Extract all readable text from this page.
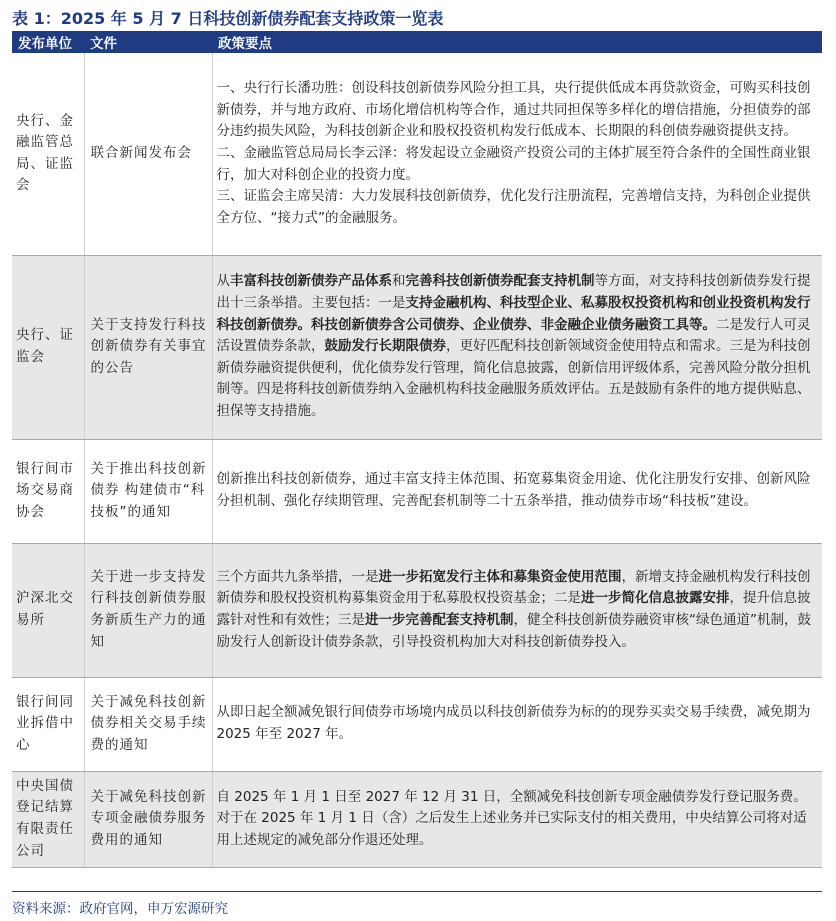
表 1：2025 年 5 月 7 日科技创新债券配套支持政策一览表
发布单位	文件	政策要点
央行、金融监管总局、证监会	联合新闻发布会	一、央行行长潘功胜：创设科技创新债券风险分担工具，央行提供低成本再贷款资金，可购买科技创新债券，并与地方政府、市场化增信机构等合作，通过共同担保等多样化的增信措施，分担债券的部分违约损失风险，为科技创新企业和股权投资机构发行低成本、长期限的科创债券融资提供支持。

二、金融监管总局局长李云泽：将发起设立金融资产投资公司的主体扩展至符合条件的全国性商业银行，加大对科创企业的投资力度。

三、证监会主席吴清：大力发展科技创新债券，优化发行注册流程，完善增信支持，为科创企业提供全方位、“接力式”的金融服务。

央行、证监会	关于支持发行科技创新债券有关事宜的公告	从丰富科技创新债券产品体系和完善科技创新债券配套支持机制等方面，对支持科技创新债券发行提出十三条举措。主要包括：一是支持金融机构、科技型企业、私募股权投资机构和创业投资机构发行科技创新债券。科技创新债券含公司债券、企业债券、非金融企业债务融资工具等。二是发行人可灵活设置债券条款，鼓励发行长期限债券，更好匹配科技创新领域资金使用特点和需求。三是为科技创新债券融资提供便利，优化债券发行管理，简化信息披露，创新信用评级体系，完善风险分散分担机制等。四是将科技创新债券纳入金融机构科技金融服务质效评估。五是鼓励有条件的地方提供贴息、担保等支持措施。

银行间市场交易商协会	关于推出科技创新债券 构建债市“科技板”的通知	创新推出科技创新债券，通过丰富支持主体范围、拓宽募集资金用途、优化注册发行安排、创新风险分担机制、强化存续期管理、完善配套机制等二十五条举措，推动债券市场“科技板”建设。

沪深北交易所	关于进一步支持发行科技创新债券服务新质生产力的通知	三个方面共九条举措，一是进一步拓宽发行主体和募集资金使用范围，新增支持金融机构发行科技创新债券和股权投资机构募集资金用于私募股权投资基金；二是进一步简化信息披露安排，提升信息披露针对性和有效性；三是进一步完善配套支持机制，健全科技创新债券融资审核“绿色通道”机制，鼓励发行人创新设计债券条款，引导投资机构加大对科技创新债券投入。

银行间同业拆借中心	关于减免科技创新债券相关交易手续费的通知	从即日起全额减免银行间债券市场境内成员以科技创新债券为标的的现券买卖交易手续费，减免期为 2025 年至 2027 年。

中央国债登记结算有限责任公司	关于减免科技创新专项金融债券服务费用的通知	自 2025 年 1 月 1 日至 2027 年 12 月 31 日，全额减免科技创新专项金融债券发行登记服务费。对于在 2025 年 1 月 1 日（含）之后发生上述业务并已实际支付的相关费用，中央结算公司将对适用上述规定的减免部分作退还处理。

资料来源：政府官网，申万宏源研究
